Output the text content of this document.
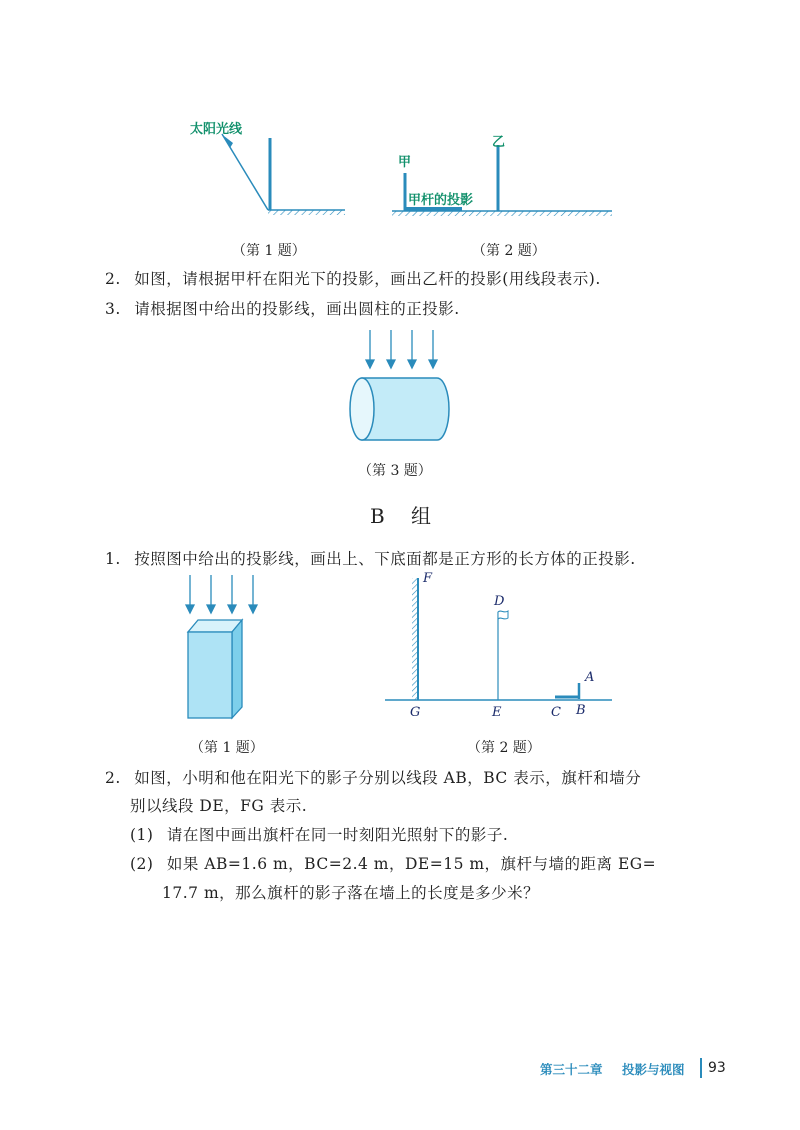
太阳光线
（第 1 题）
甲
乙
甲杆的投影
（第 2 题）
2. 如图，请根据甲杆在阳光下的投影，画出乙杆的投影(用线段表示).
3. 请根据图中给出的投影线，画出圆柱的正投影.
（第 3 题）
B 组
1. 按照图中给出的投影线，画出上、下底面都是正方形的长方体的正投影.
（第 1 题）
F
D
A
G	E	C B
（第 2 题）
2. 如图，小明和他在阳光下的影子分别以线段 AB，BC 表示，旗杆和墙分
别以线段 DE，FG 表示.
(1) 请在图中画出旗杆在同一时刻阳光照射下的影子.
(2) 如果 AB=1.6 m，BC=2.4 m，DE=15 m，旗杆与墙的距离 EG=
17.7 m，那么旗杆的影子落在墙上的长度是多少米？
第三十二章 投影与视图 93
